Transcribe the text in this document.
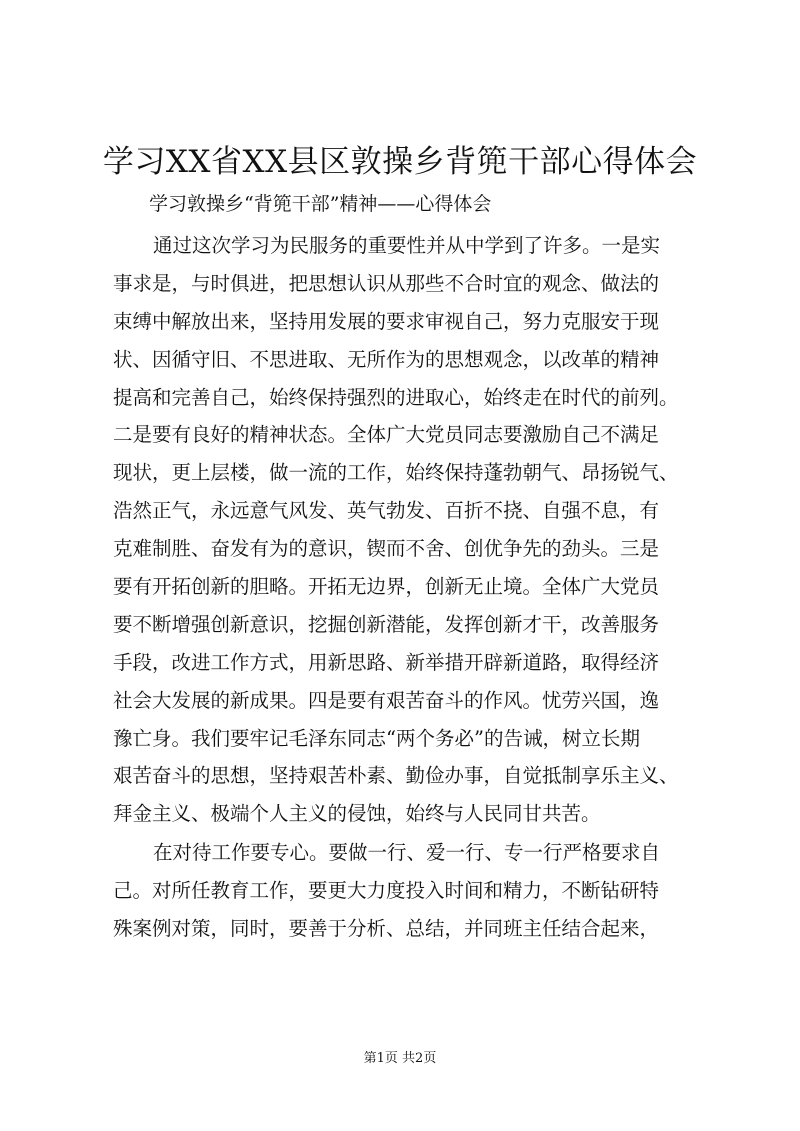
学习XX省XX县区敦操乡背篼干部心得体会

学习敦操乡“背篼干部”精神——心得体会

通过这次学习为民服务的重要性并从中学到了许多。一是实
事求是，与时俱进，把思想认识从那些不合时宜的观念、做法的
束缚中解放出来，坚持用发展的要求审视自己，努力克服安于现
状、因循守旧、不思进取、无所作为的思想观念，以改革的精神
提高和完善自己，始终保持强烈的进取心，始终走在时代的前列。
二是要有良好的精神状态。全体广大党员同志要激励自己不满足
现状，更上层楼，做一流的工作，始终保持蓬勃朝气、昂扬锐气、
浩然正气，永远意气风发、英气勃发、百折不挠、自强不息，有
克难制胜、奋发有为的意识，锲而不舍、创优争先的劲头。三是
要有开拓创新的胆略。开拓无边界，创新无止境。全体广大党员
要不断增强创新意识，挖掘创新潜能，发挥创新才干，改善服务
手段，改进工作方式，用新思路、新举措开辟新道路，取得经济
社会大发展的新成果。四是要有艰苦奋斗的作风。忧劳兴国，逸
豫亡身。我们要牢记毛泽东同志“两个务必”的告诫，树立长期
艰苦奋斗的思想，坚持艰苦朴素、勤俭办事，自觉抵制享乐主义、
拜金主义、极端个人主义的侵蚀，始终与人民同甘共苦。
在对待工作要专心。要做一行、爱一行、专一行严格要求自
己。对所任教育工作，要更大力度投入时间和精力，不断钻研特
殊案例对策，同时，要善于分析、总结，并同班主任结合起来，

第1页 共2页
